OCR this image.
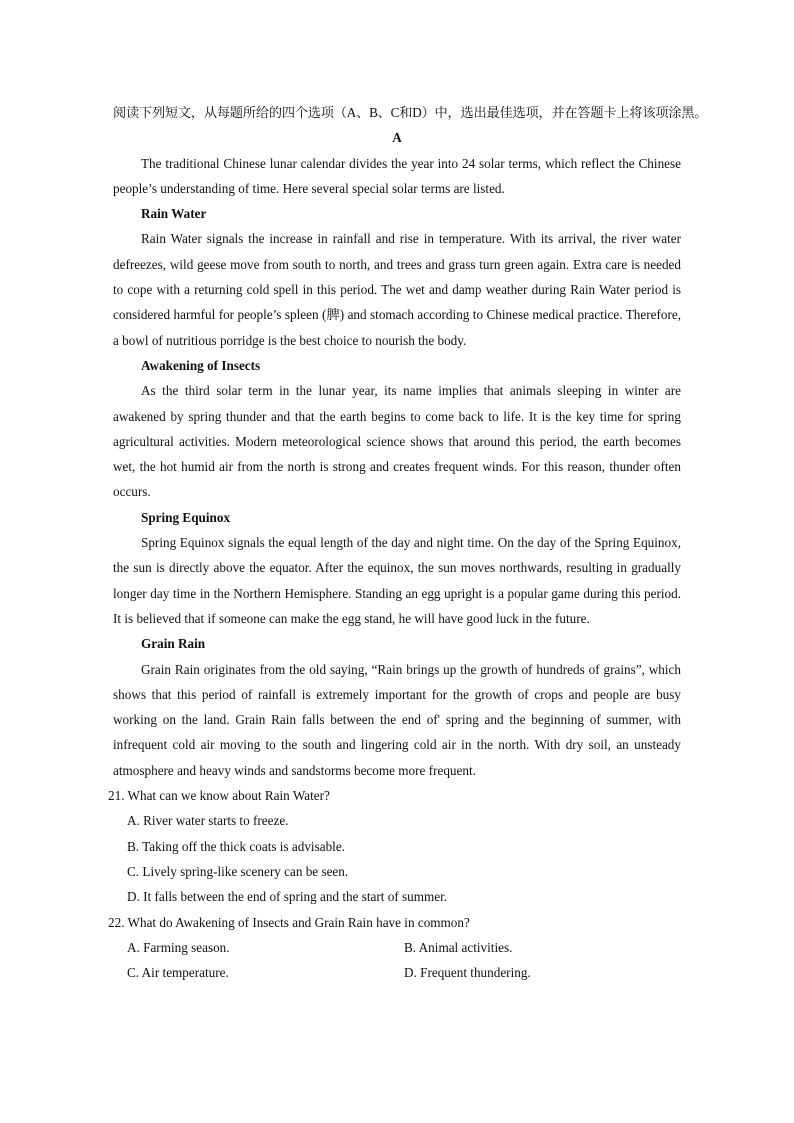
阅读下列短文，从每题所给的四个选项（A、B、C和D）中，选出最佳选项，并在答题卡上将该项涂黑。
A

The traditional Chinese lunar calendar divides the year into 24 solar terms, which reflect the Chinese people’s understanding of time. Here several special solar terms are listed.

Rain Water

Rain Water signals the increase in rainfall and rise in temperature. With its arrival, the river water defreezes, wild geese move from south to north, and trees and grass turn green again. Extra care is needed to cope with a returning cold spell in this period. The wet and damp weather during Rain Water period is considered harmful for people’s spleen (脾) and stomach according to Chinese medical practice. Therefore, a bowl of nutritious porridge is the best choice to nourish the body.

Awakening of Insects

As the third solar term in the lunar year, its name implies that animals sleeping in winter are awakened by spring thunder and that the earth begins to come back to life. It is the key time for spring agricultural activities. Modern meteorological science shows that around this period, the earth becomes wet, the hot humid air from the north is strong and creates frequent winds. For this reason, thunder often occurs.

Spring Equinox

Spring Equinox signals the equal length of the day and night time. On the day of the Spring Equinox, the sun is directly above the equator. After the equinox, the sun moves northwards, resulting in gradually longer day time in the Northern Hemisphere. Standing an egg upright is a popular game during this period. It is believed that if someone can make the egg stand, he will have good luck in the future.

Grain Rain

Grain Rain originates from the old saying, “Rain brings up the growth of hundreds of grains”, which shows that this period of rainfall is extremely important for the growth of crops and people are busy working on the land. Grain Rain falls between the end of' spring and the beginning of summer, with infrequent cold air moving to the south and lingering cold air in the north. With dry soil, an unsteady atmosphere and heavy winds and sandstorms become more frequent.

21. What can we know about Rain Water?
A. River water starts to freeze.
B. Taking off the thick coats is advisable.
C. Lively spring-like scenery can be seen.
D. It falls between the end of spring and the start of summer.
22. What do Awakening of Insects and Grain Rain have in common?
A. Farming season.	B. Animal activities.
C. Air temperature.	D. Frequent thundering.
